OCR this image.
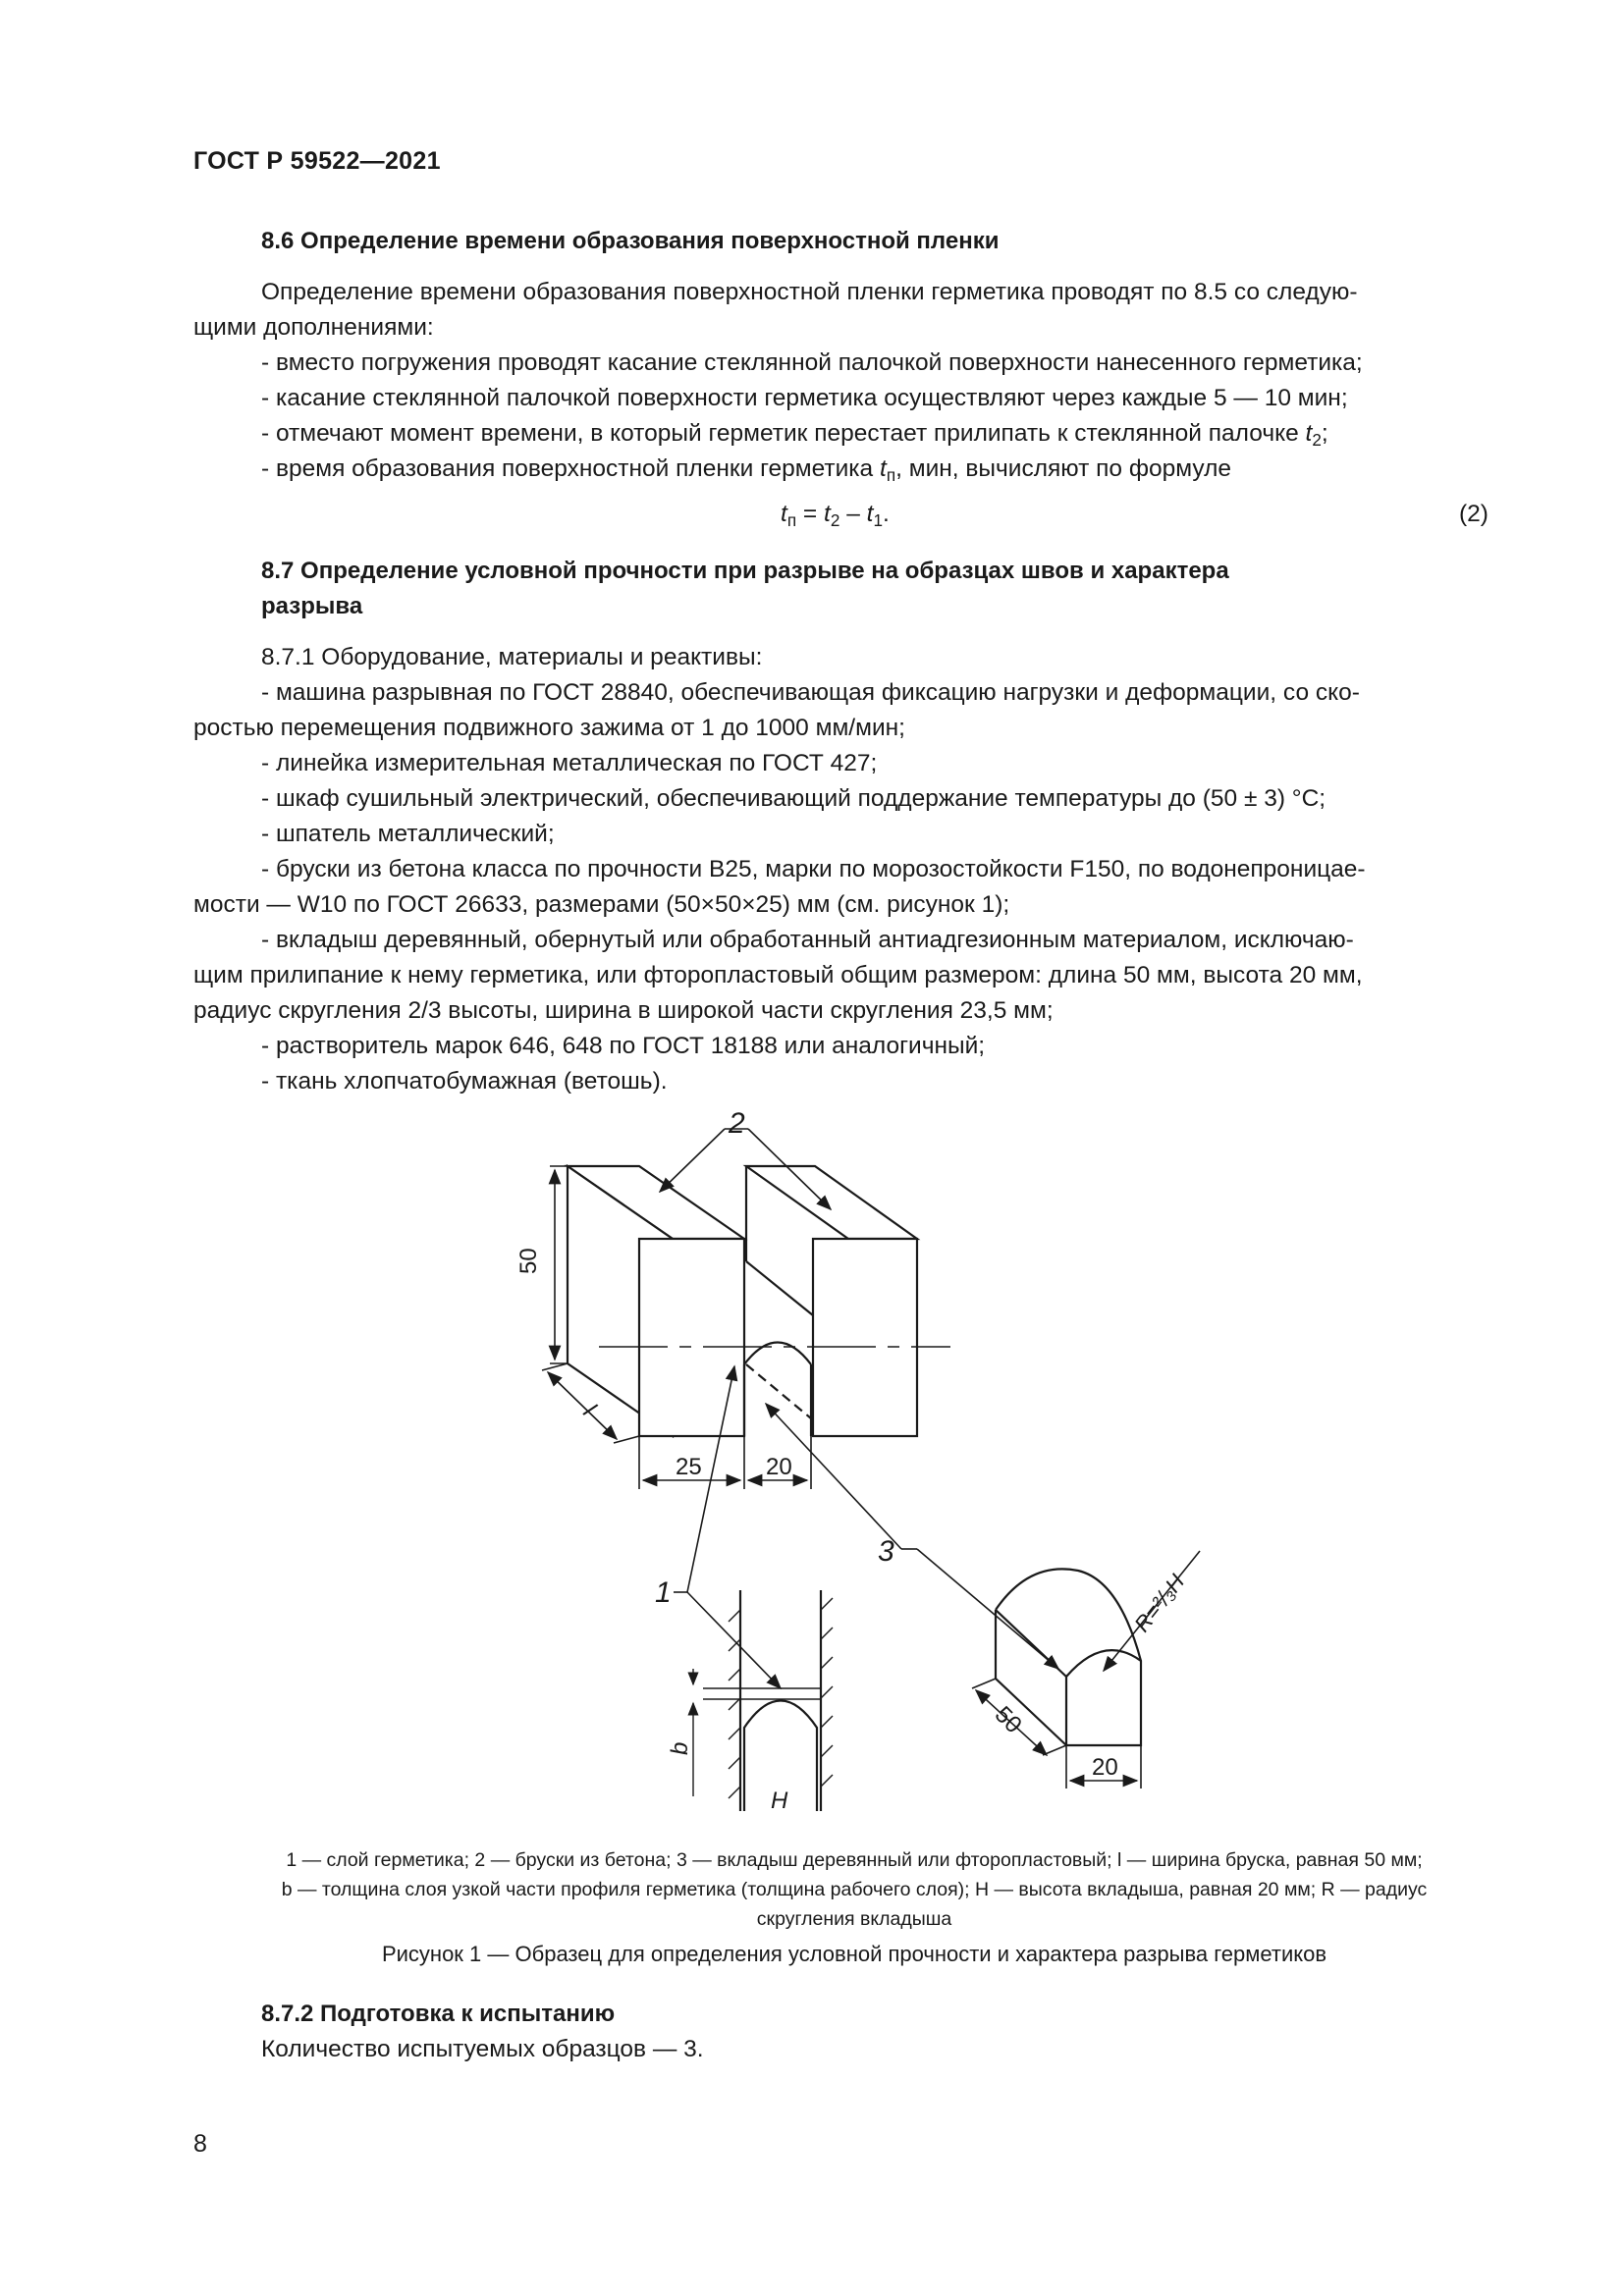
ГОСТ Р 59522—2021
8.6 Определение времени образования поверхностной пленки
Определение времени образования поверхностной пленки герметика проводят по 8.5 со следую-
щими дополнениями:
- вместо погружения проводят касание стеклянной палочкой поверхности нанесенного герметика;
- касание стеклянной палочкой поверхности герметика осуществляют через каждые 5 — 10 мин;
- отмечают момент времени, в который герметик перестает прилипать к стеклянной палочке $t_2$;
- время образования поверхностной пленки герметика $t_п$, мин, вычисляют по формуле
$t_п = t_2 - t_1$.	(2)
8.7 Определение условной прочности при разрыве на образцах швов и характера
разрыва
8.7.1 Оборудование, материалы и реактивы:
- машина разрывная по ГОСТ 28840, обеспечивающая фиксацию нагрузки и деформации, со ско-
ростью перемещения подвижного зажима от 1 до 1000 мм/мин;
- линейка измерительная металлическая по ГОСТ 427;
- шкаф сушильный электрический, обеспечивающий поддержание температуры до (50 ± 3) °С;
- шпатель металлический;
- бруски из бетона класса по прочности В25, марки по морозостойкости F150, по водонепроницае-
мости — W10 по ГОСТ 26633, размерами (50×50×25) мм (см. рисунок 1);
- вкладыш деревянный, обернутый или обработанный антиадгезионным материалом, исключаю-
щим прилипание к нему герметика, или фторопластовый общим размером: длина 50 мм, высота 20 мм,
радиус скругления 2/3 высоты, ширина в широкой части скругления 23,5 мм;
- растворитель марок 646, 648 по ГОСТ 18188 или аналогичный;
- ткань хлопчатобумажная (ветошь).
2
3
1
50
l
25	20
b
H
50
20
R=²/₃H
1 — слой герметика; 2 — бруски из бетона; 3 — вкладыш деревянный или фторопластовый; l — ширина бруска, равная 50 мм;
b — толщина слоя узкой части профиля герметика (толщина рабочего слоя); H — высота вкладыша, равная 20 мм; R — радиус
скругления вкладыша
Рисунок 1 — Образец для определения условной прочности и характера разрыва герметиков
8.7.2 Подготовка к испытанию
Количество испытуемых образцов — 3.
8
